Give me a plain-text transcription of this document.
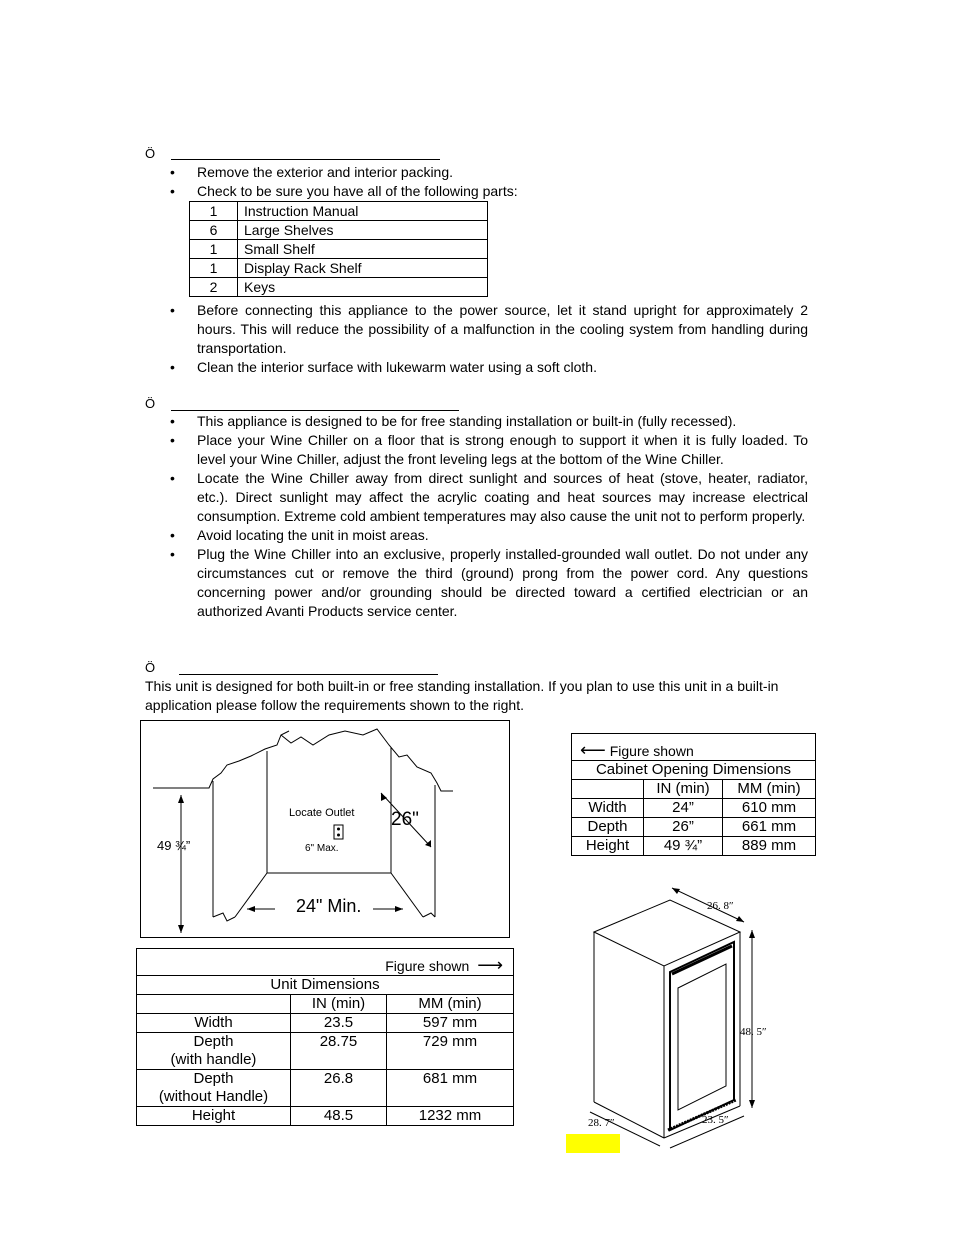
Ö
• Remove the exterior and interior packing.
• Check to be sure you have all of the following parts:
1	Instruction Manual
6	Large Shelves
1	Small Shelf
1	Display Rack Shelf
2	Keys
• Before connecting this appliance to the power source, let it stand upright for approximately 2 hours. This will reduce the possibility of a malfunction in the cooling system from handling during transportation.
• Clean the interior surface with lukewarm water using a soft cloth.
Ö
• This appliance is designed to be for free standing installation or built-in (fully recessed).
• Place your Wine Chiller on a floor that is strong enough to support it when it is fully loaded. To level your Wine Chiller, adjust the front leveling legs at the bottom of the Wine Chiller.
• Locate the Wine Chiller away from direct sunlight and sources of heat (stove, heater, radiator, etc.). Direct sunlight may affect the acrylic coating and heat sources may increase electrical consumption. Extreme cold ambient temperatures may also cause the unit not to perform properly.
• Avoid locating the unit in moist areas.
• Plug the Wine Chiller into an exclusive, properly installed-grounded wall outlet. Do not under any circumstances cut or remove the third (ground) prong from the power cord. Any questions concerning power and/or grounding should be directed toward a certified electrician or an authorized Avanti Products service center.
Ö
This unit is designed for both built-in or free standing installation. If you plan to use this unit in a built-in application please follow the requirements shown to the right.
49 ¾”
Locate Outlet
6" Max.
26"
24" Min.
⟵ Figure shown		
Cabinet Opening Dimensions		
	IN (min)	MM (min)
Width	24”	610 mm
Depth	26”	661 mm
Height	49 ¾”	889 mm
Figure shown ⟶		
Unit Dimensions		
	IN (min)	MM (min)
Width	23.5	597 mm
Depth
(with handle)	28.75	729 mm
Depth
(without Handle)	26.8	681 mm
Height	48.5	1232 mm
26. 8″
48. 5″
28. 7″	23. 5″
